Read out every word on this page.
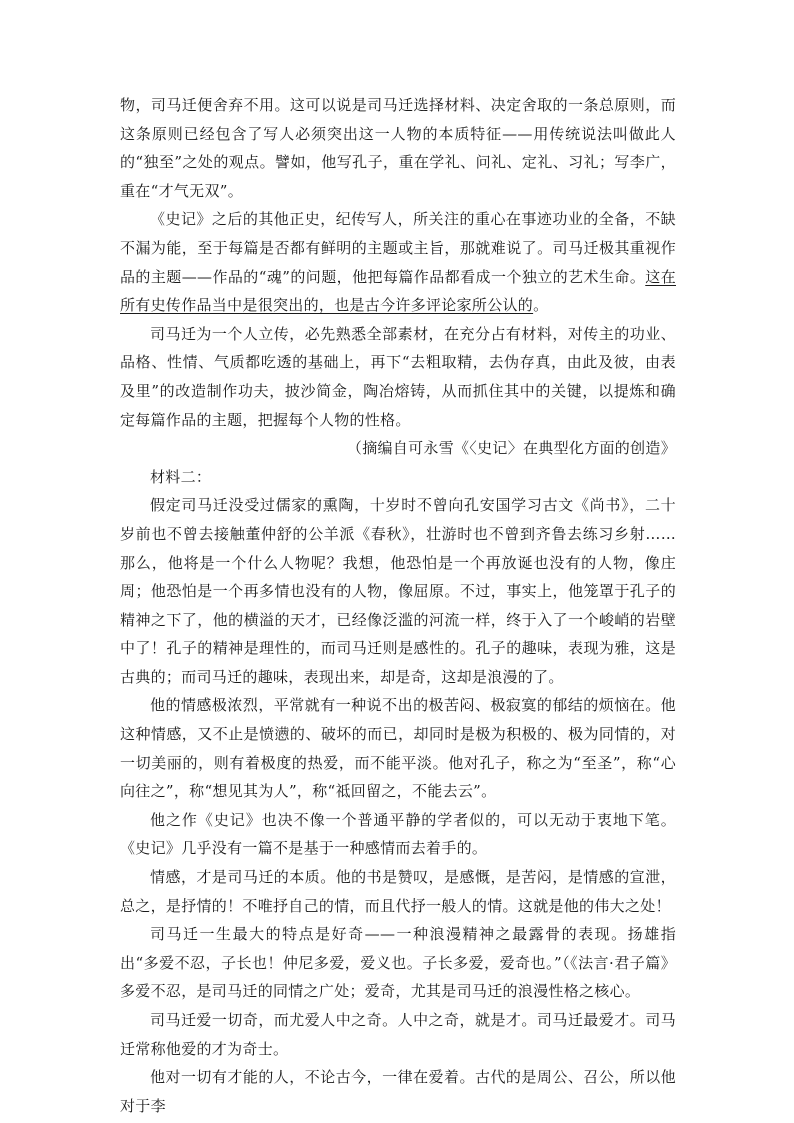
物，司马迁便舍弃不用。这可以说是司马迁选择材料、决定舍取的一条总原则，而这条原则已经包含了写人必须突出这一人物的本质特征——用传统说法叫做此人的“独至”之处的观点。譬如，他写孔子，重在学礼、问礼、定礼、习礼；写李广，重在“才气无双”。

《史记》之后的其他正史，纪传写人，所关注的重心在事迹功业的全备，不缺不漏为能，至于每篇是否都有鲜明的主题或主旨，那就难说了。司马迁极其重视作品的主题——作品的“魂”的问题，他把每篇作品都看成一个独立的艺术生命。这在所有史传作品当中是很突出的，也是古今许多评论家所公认的。

司马迁为一个人立传，必先熟悉全部素材，在充分占有材料，对传主的功业、品格、性情、气质都吃透的基础上，再下“去粗取精，去伪存真，由此及彼，由表及里”的改造制作功夫，披沙简金，陶冶熔铸，从而抓住其中的关键，以提炼和确定每篇作品的主题，把握每个人物的性格。

（摘编自可永雪《〈史记〉在典型化方面的创造》

材料二：

假定司马迁没受过儒家的熏陶，十岁时不曾向孔安国学习古文《尚书》，二十岁前也不曾去接触董仲舒的公羊派《春秋》，壮游时也不曾到齐鲁去练习乡射……那么，他将是一个什么人物呢？我想，他恐怕是一个再放诞也没有的人物，像庄周；他恐怕是一个再多情也没有的人物，像屈原。不过，事实上，他笼罩于孔子的精神之下了，他的横溢的天才，已经像泛滥的河流一样，终于入了一个峻峭的岩壁中了！孔子的精神是理性的，而司马迁则是感性的。孔子的趣味，表现为雅，这是古典的；而司马迁的趣味，表现出来，却是奇，这却是浪漫的了。

他的情感极浓烈，平常就有一种说不出的极苦闷、极寂寞的郁结的烦恼在。他这种情感，又不止是愤懑的、破坏的而已，却同时是极为积极的、极为同情的，对一切美丽的，则有着极度的热爱，而不能平淡。他对孔子，称之为“至圣”，称“心向往之”，称“想见其为人”，称“祗回留之，不能去云”。

他之作《史记》也决不像一个普通平静的学者似的，可以无动于衷地下笔。《史记》几乎没有一篇不是基于一种感情而去着手的。

情感，才是司马迁的本质。他的书是赞叹，是感慨，是苦闷，是情感的宣泄，总之，是抒情的！不唯抒自己的情，而且代抒一般人的情。这就是他的伟大之处！

司马迁一生最大的特点是好奇——一种浪漫精神之最露骨的表现。扬雄指出“多爱不忍，子长也！仲尼多爱，爱义也。子长多爱，爱奇也。”（《法言·君子篇》多爱不忍，是司马迁的同情之广处；爱奇，尤其是司马迁的浪漫性格之核心。

司马迁爱一切奇，而尤爱人中之奇。人中之奇，就是才。司马迁最爱才。司马迁常称他爱的才为奇士。

他对一切有才能的人，不论古今，一律在爱着。古代的是周公、召公，所以他对于李
